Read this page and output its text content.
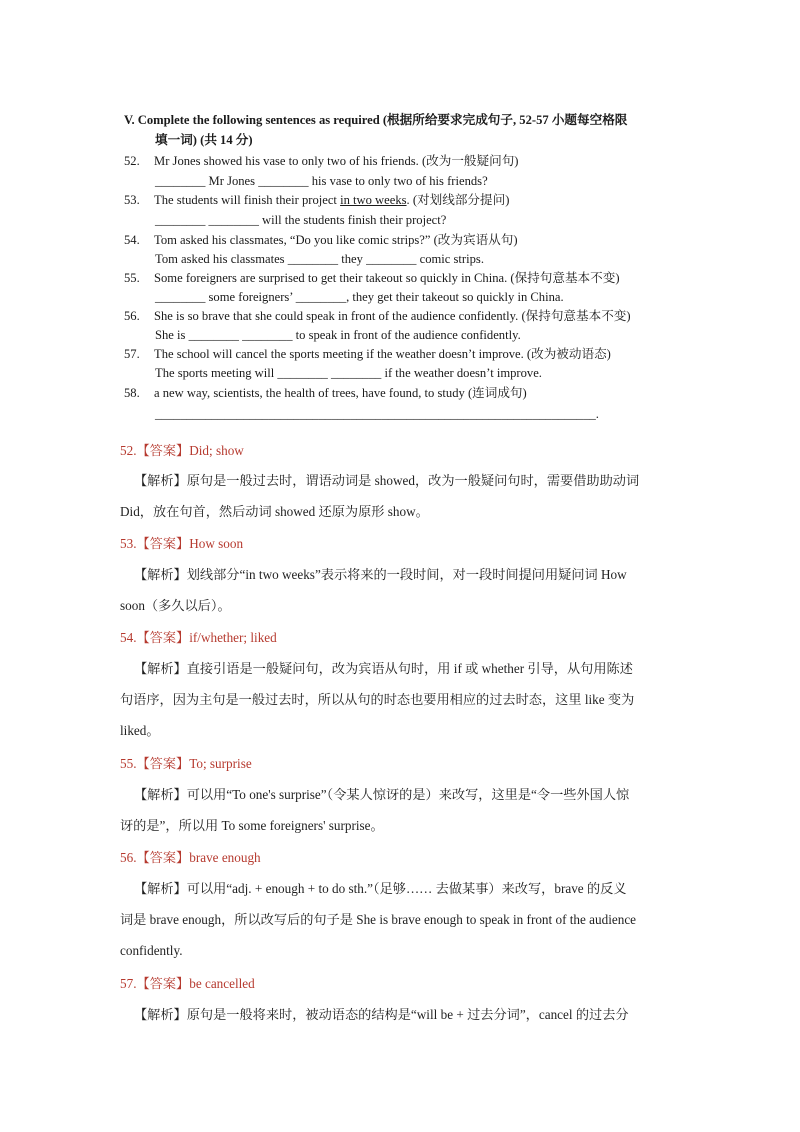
V. Complete the following sentences as required (根据所给要求完成句子, 52-57 小题每空格限
填一词) (共 14 分)
52. Mr Jones showed his vase to only two of his friends. (改为一般疑问句)
________ Mr Jones ________ his vase to only two of his friends?
53. The students will finish their project in two weeks. (对划线部分提问)
________ ________ will the students finish their project?
54. Tom asked his classmates, “Do you like comic strips?” (改为宾语从句)
Tom asked his classmates ________ they ________ comic strips.
55. Some foreigners are surprised to get their takeout so quickly in China. (保持句意基本不变)
________ some foreigners’ ________, they get their takeout so quickly in China.
56. She is so brave that she could speak in front of the audience confidently. (保持句意基本不变)
She is ________ ________ to speak in front of the audience confidently.
57. The school will cancel the sports meeting if the weather doesn’t improve. (改为被动语态)
The sports meeting will ________ ________ if the weather doesn’t improve.
58. a new way, scientists, the health of trees, have found, to study (连词成句)
______________________________________________________________________.
52.【答案】Did; show
【解析】原句是一般过去时，谓语动词是 showed，改为一般疑问句时，需要借助助动词
Did，放在句首，然后动词 showed 还原为原形 show。
53.【答案】How soon
【解析】划线部分“in two weeks”表示将来的一段时间，对一段时间提问用疑问词 How
soon（多久以后）。
54.【答案】if/whether; liked
【解析】直接引语是一般疑问句，改为宾语从句时，用 if 或 whether 引导，从句用陈述
句语序，因为主句是一般过去时，所以从句的时态也要用相应的过去时态，这里 like 变为
liked。
55.【答案】To; surprise
【解析】可以用“To one's surprise”（令某人惊讶的是）来改写，这里是“令一些外国人惊
讶的是”，所以用 To some foreigners' surprise。
56.【答案】brave enough
【解析】可以用“adj. + enough + to do sth.”（足够…… 去做某事）来改写，brave 的反义
词是 brave enough，所以改写后的句子是 She is brave enough to speak in front of the audience
confidently.
57.【答案】be cancelled
【解析】原句是一般将来时，被动语态的结构是“will be + 过去分词”，cancel 的过去分
